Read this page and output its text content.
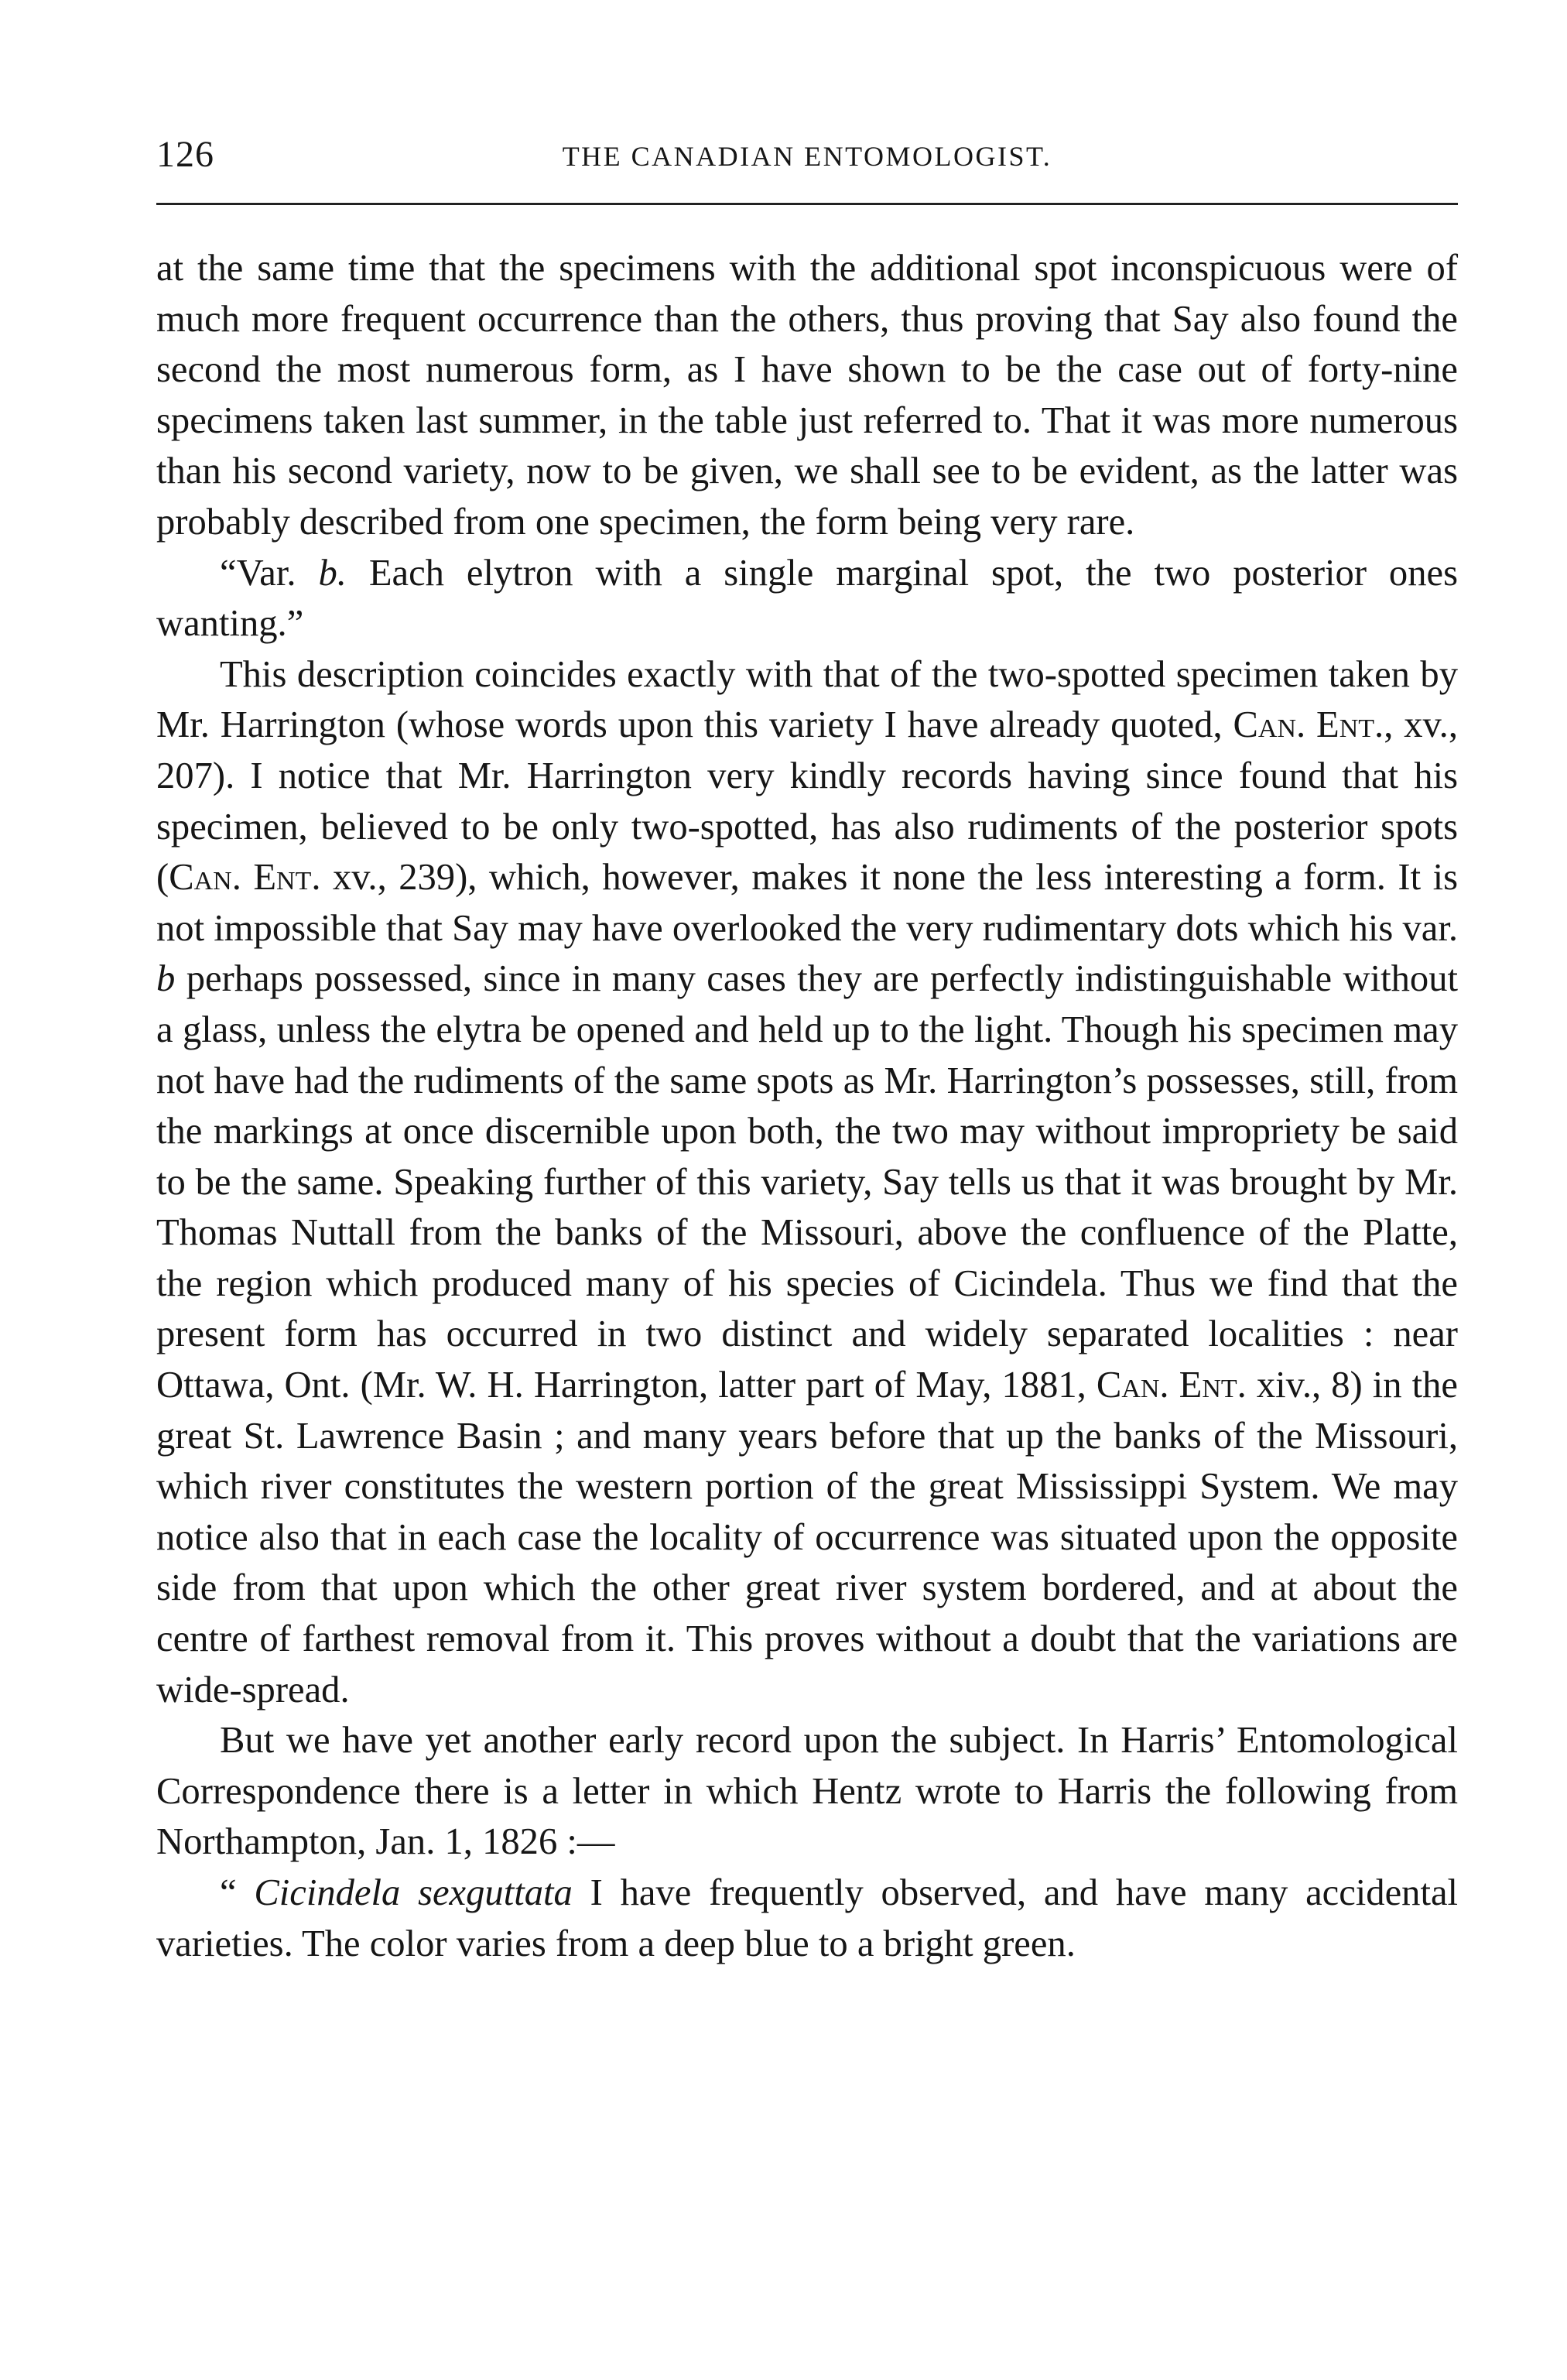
126	THE CANADIAN ENTOMOLOGIST.

at the same time that the specimens with the additional spot inconspicuous were of much more frequent occurrence than the others, thus proving that Say also found the second the most numerous form, as I have shown to be the case out of forty-nine specimens taken last summer, in the table just referred to. That it was more numerous than his second variety, now to be given, we shall see to be evident, as the latter was probably described from one specimen, the form being very rare.

“Var. b. Each elytron with a single marginal spot, the two posterior ones wanting.”

This description coincides exactly with that of the two-spotted specimen taken by Mr. Harrington (whose words upon this variety I have already quoted, Can. Ent., xv., 207). I notice that Mr. Harrington very kindly records having since found that his specimen, believed to be only two-spotted, has also rudiments of the posterior spots (Can. Ent. xv., 239), which, however, makes it none the less interesting a form. It is not impossible that Say may have overlooked the very rudimentary dots which his var. b perhaps possessed, since in many cases they are perfectly indistinguishable without a glass, unless the elytra be opened and held up to the light. Though his specimen may not have had the rudiments of the same spots as Mr. Harrington’s possesses, still, from the markings at once discernible upon both, the two may without impropriety be said to be the same. Speaking further of this variety, Say tells us that it was brought by Mr. Thomas Nuttall from the banks of the Missouri, above the confluence of the Platte, the region which produced many of his species of Cicindela. Thus we find that the present form has occurred in two distinct and widely separated localities : near Ottawa, Ont. (Mr. W. H. Harrington, latter part of May, 1881, Can. Ent. xiv., 8) in the great St. Lawrence Basin ; and many years before that up the banks of the Missouri, which river constitutes the western portion of the great Mississippi System. We may notice also that in each case the locality of occurrence was situated upon the opposite side from that upon which the other great river system bordered, and at about the centre of farthest removal from it. This proves without a doubt that the variations are wide-spread.

But we have yet another early record upon the subject. In Harris’ Entomological Correspondence there is a letter in which Hentz wrote to Harris the following from Northampton, Jan. 1, 1826 :—

“ Cicindela sexguttata I have frequently observed, and have many accidental varieties. The color varies from a deep blue to a bright green.
